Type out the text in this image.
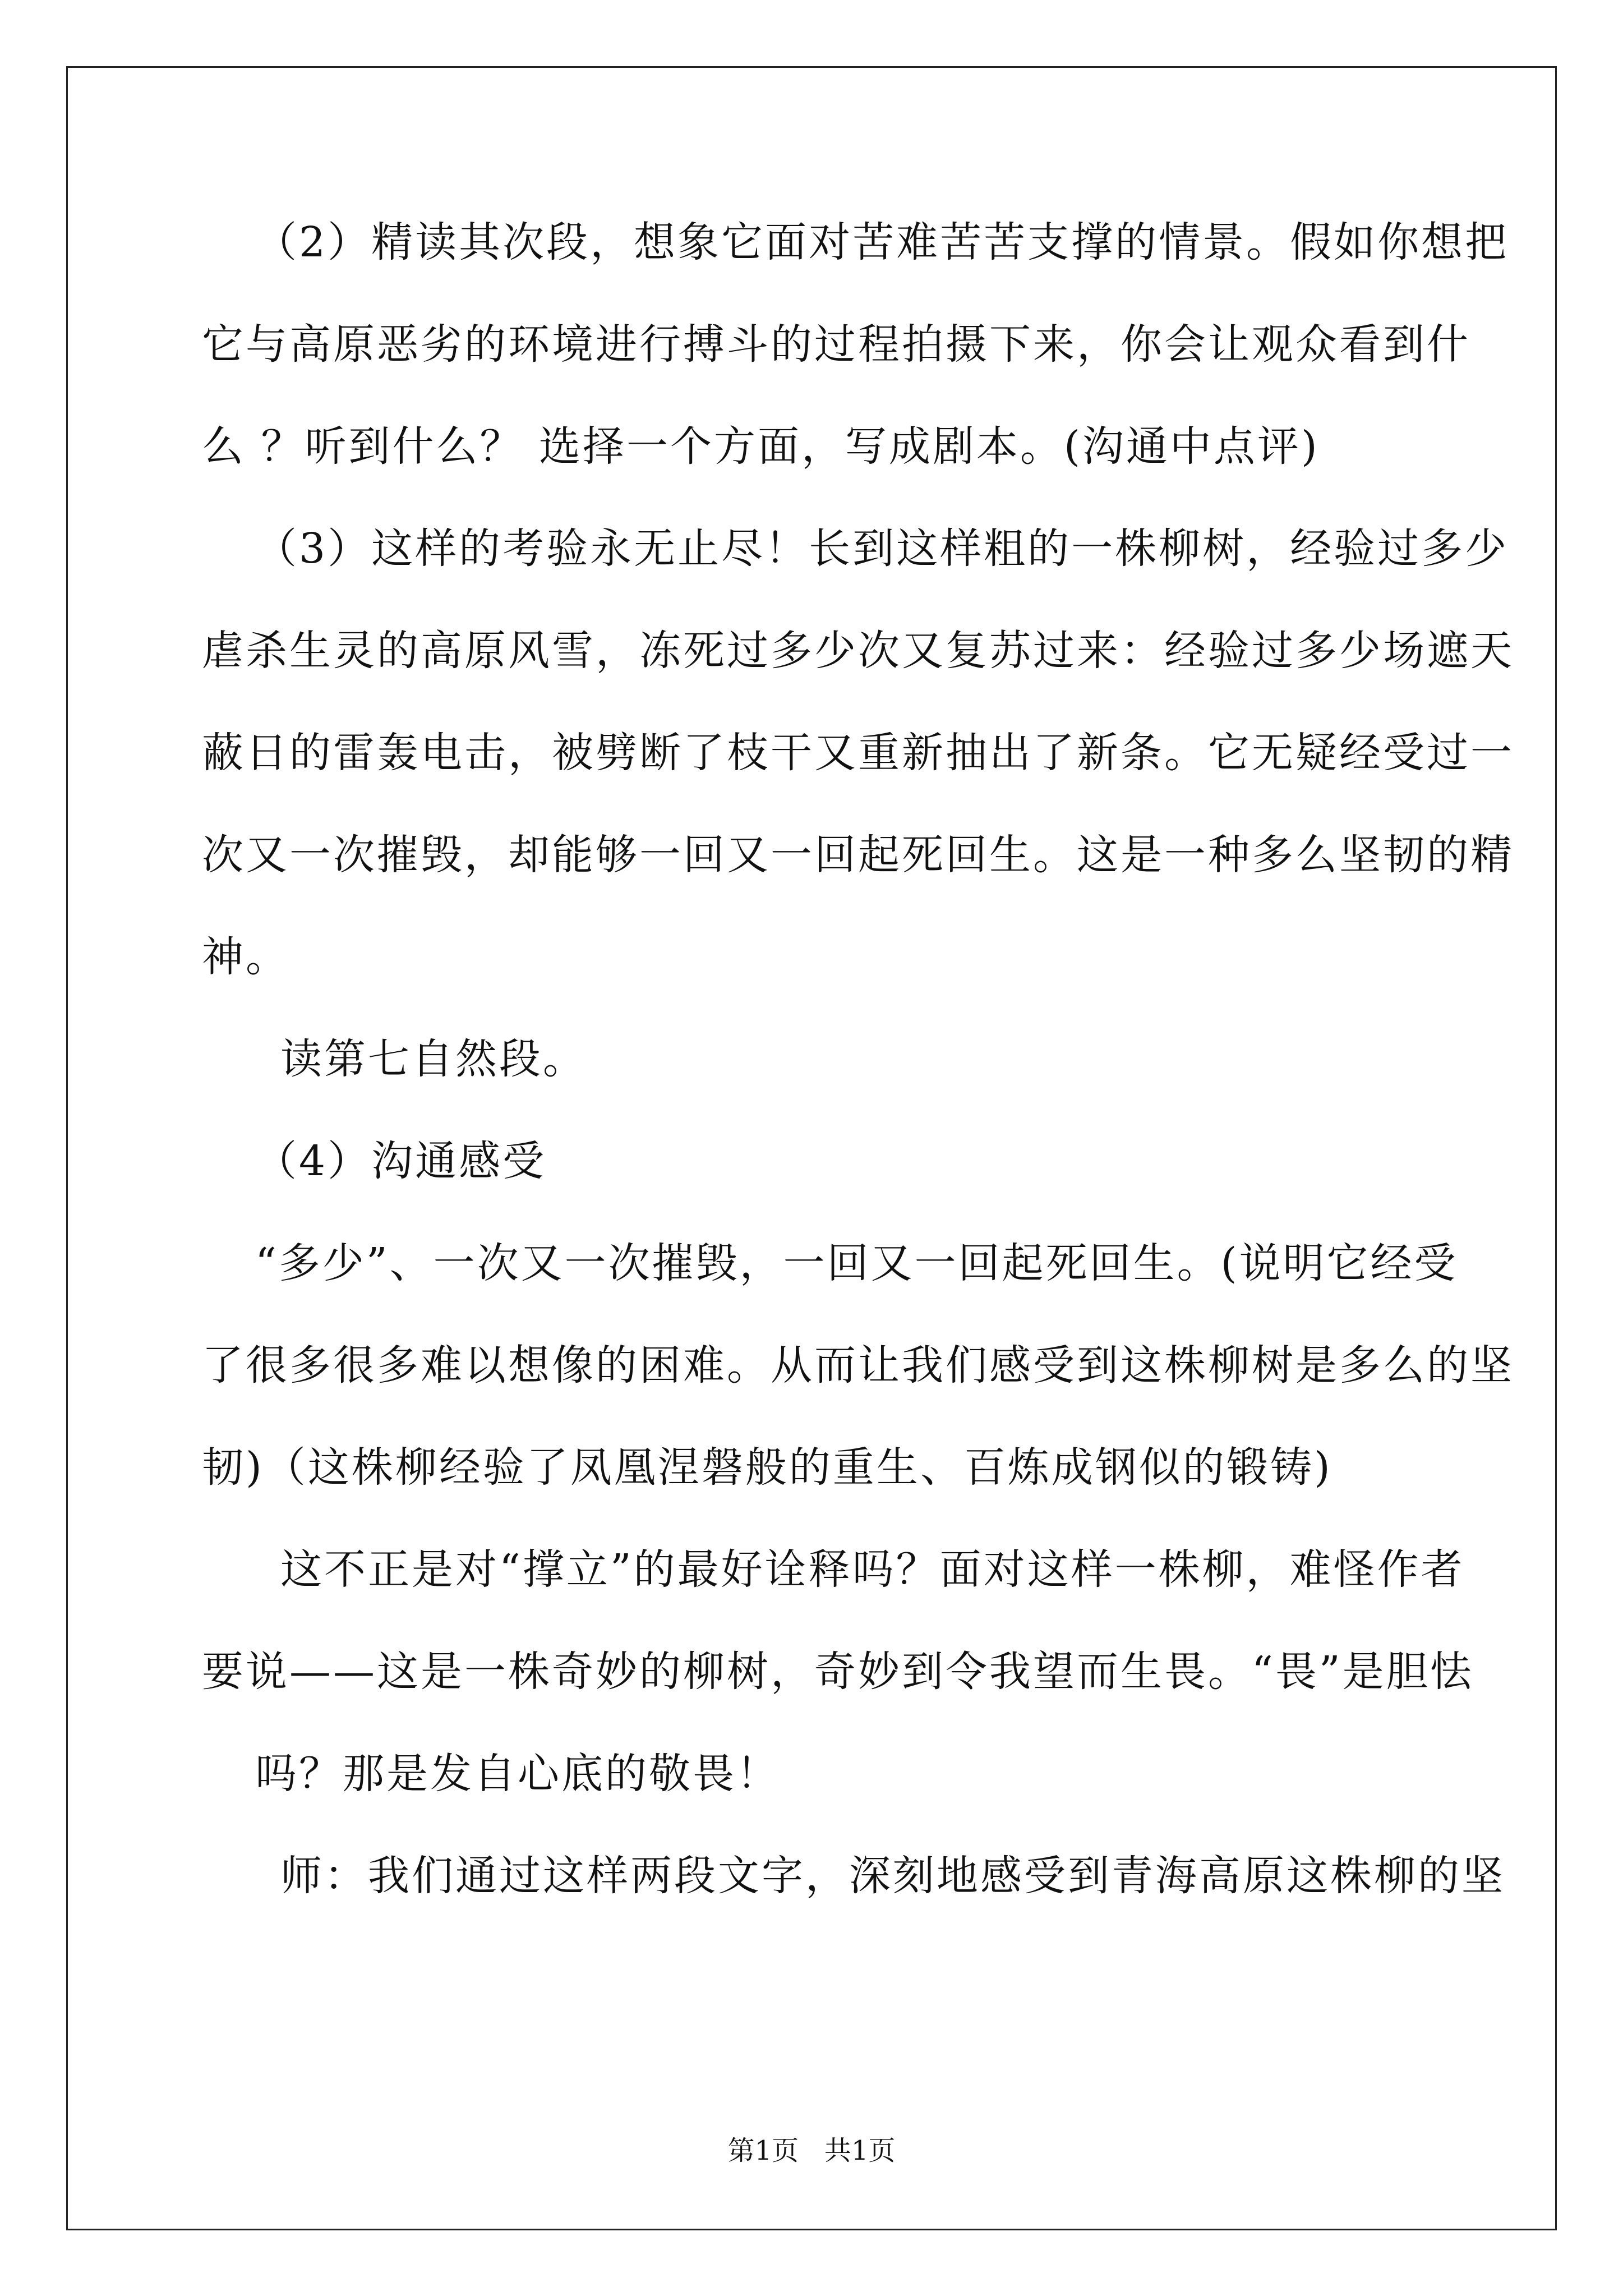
（2）精读其次段，想象它面对苦难苦苦支撑的情景。假如你想把
它与高原恶劣的环境进行搏斗的过程拍摄下来，你会让观众看到什
么 ？听到什么？ 选择一个方面，写成剧本。(沟通中点评)
（3）这样的考验永无止尽！长到这样粗的一株柳树，经验过多少
虐杀生灵的高原风雪，冻死过多少次又复苏过来：经验过多少场遮天
蔽日的雷轰电击，被劈断了枝干又重新抽出了新条。它无疑经受过一
次又一次摧毁，却能够一回又一回起死回生。这是一种多么坚韧的精
神。
读第七自然段。
（4）沟通感受
“多少”、一次又一次摧毁，一回又一回起死回生。(说明它经受
了很多很多难以想像的困难。从而让我们感受到这株柳树是多么的坚
韧)（这株柳经验了凤凰涅磐般的重生、百炼成钢似的锻铸)
这不正是对“撑立”的最好诠释吗？面对这样一株柳，难怪作者
要说——这是一株奇妙的柳树，奇妙到令我望而生畏。“畏”是胆怯
吗？那是发自心底的敬畏！
师：我们通过这样两段文字，深刻地感受到青海高原这株柳的坚
第1页   共1页
